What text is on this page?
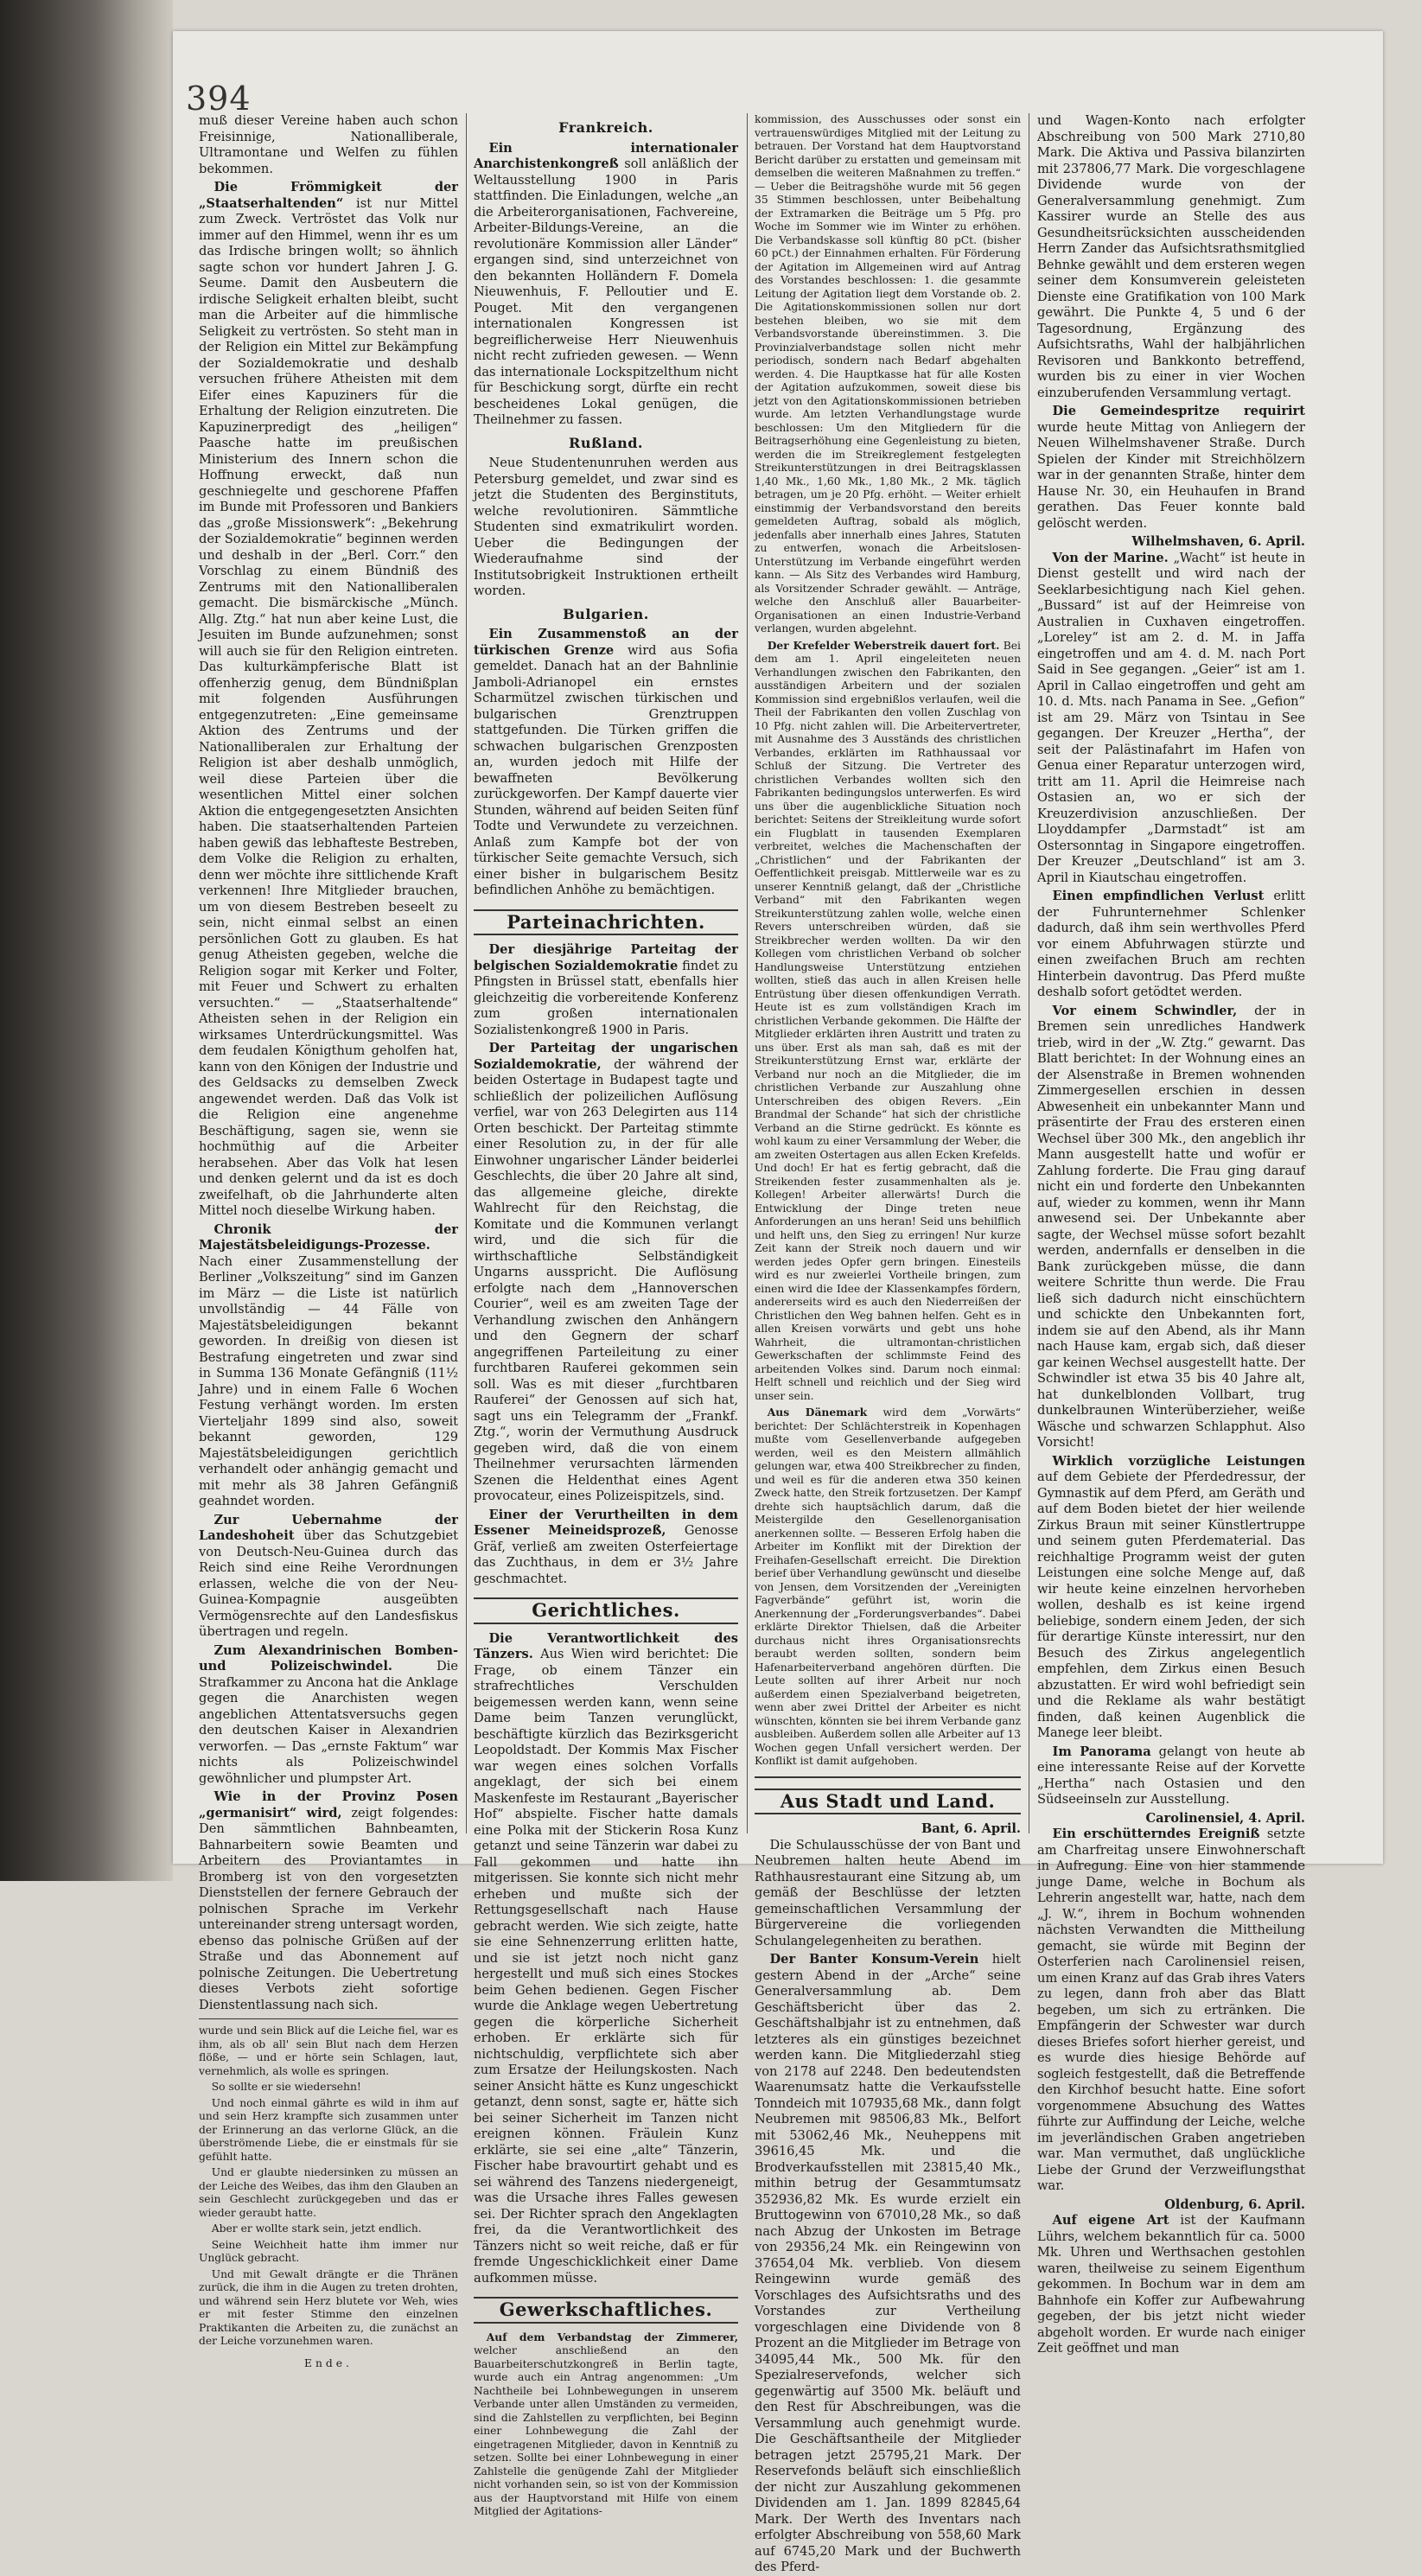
394

muß dieser Vereine haben auch schon Freisinnige, Nationalliberale, Ultramontane und Welfen zu fühlen bekommen.

Die Frömmigkeit der „Staatserhaltenden“ ist nur Mittel zum Zweck. Vertröstet das Volk nur immer auf den Himmel, wenn ihr es um das Irdische bringen wollt; so ähnlich sagte schon vor hundert Jahren J. G. Seume. Damit den Ausbeutern die irdische Seligkeit erhalten bleibt, sucht man die Arbeiter auf die himmlische Seligkeit zu vertrösten. So steht man in der Religion ein Mittel zur Bekämpfung der Sozialdemokratie und deshalb versuchen frühere Atheisten mit dem Eifer eines Kapuziners für die Erhaltung der Religion einzutreten. Die Kapuzinerpredigt des „heiligen“ Paasche hatte im preußischen Ministerium des Innern schon die Hoffnung erweckt, daß nun geschniegelte und geschorene Pfaffen im Bunde mit Professoren und Bankiers das „große Missionswerk“: „Bekehrung der Sozialdemokratie“ beginnen werden und deshalb in der „Berl. Corr.“ den Vorschlag zu einem Bündniß des Zentrums mit den Nationalliberalen gemacht. Die bismärckische „Münch. Allg. Ztg.“ hat nun aber keine Lust, die Jesuiten im Bunde aufzunehmen; sonst will auch sie für den Religion eintreten. Das kulturkämpferische Blatt ist offenherzig genug, dem Bündnißplan mit folgenden Ausführungen entgegenzutreten: „Eine gemeinsame Aktion des Zentrums und der Nationalliberalen zur Erhaltung der Religion ist aber deshalb unmöglich, weil diese Parteien über die wesentlichen Mittel einer solchen Aktion die entgegengesetzten Ansichten haben. Die staatserhaltenden Parteien haben gewiß das lebhafteste Bestreben, dem Volke die Religion zu erhalten, denn wer möchte ihre sittlichende Kraft verkennen! Ihre Mitglieder brauchen, um von diesem Bestreben beseelt zu sein, nicht einmal selbst an einen persönlichen Gott zu glauben. Es hat genug Atheisten gegeben, welche die Religion sogar mit Kerker und Folter, mit Feuer und Schwert zu erhalten versuchten.“ — „Staatserhaltende“ Atheisten sehen in der Religion ein wirksames Unterdrückungsmittel. Was dem feudalen Königthum geholfen hat, kann von den Königen der Industrie und des Geldsacks zu demselben Zweck angewendet werden. Daß das Volk ist die Religion eine angenehme Beschäftigung, sagen sie, wenn sie hochmüthig auf die Arbeiter herabsehen. Aber das Volk hat lesen und denken gelernt und da ist es doch zweifelhaft, ob die Jahrhunderte alten Mittel noch dieselbe Wirkung haben.

Chronik der Majestätsbeleidigungs-Prozesse. Nach einer Zusammenstellung der Berliner „Volkszeitung“ sind im Ganzen im März — die Liste ist natürlich unvollständig — 44 Fälle von Majestätsbeleidigungen bekannt geworden. In dreißig von diesen ist Bestrafung eingetreten und zwar sind in Summa 136 Monate Gefängniß (11½ Jahre) und in einem Falle 6 Wochen Festung verhängt worden. Im ersten Vierteljahr 1899 sind also, soweit bekannt geworden, 129 Majestätsbeleidigungen gerichtlich verhandelt oder anhängig gemacht und mit mehr als 38 Jahren Gefängniß geahndet worden.

Zur Uebernahme der Landeshoheit über das Schutzgebiet von Deutsch-Neu-Guinea durch das Reich sind eine Reihe Verordnungen erlassen, welche die von der Neu-Guinea-Kompagnie ausgeübten Vermögensrechte auf den Landesfiskus übertragen und regeln.

Zum Alexandrinischen Bomben- und Polizeischwindel.	Die Strafkammer zu Ancona hat die Anklage gegen die Anarchisten wegen angeblichen Attentatsversuchs gegen den deutschen Kaiser in Alexandrien verworfen. — Das „ernste Faktum“ war nichts als Polizeischwindel gewöhnlicher und plumpster Art.

Wie in der Provinz Posen „germanisirt“ wird, zeigt folgendes: Den sämmtlichen Bahnbeamten, Bahnarbeitern sowie Beamten und Arbeitern des Proviantamtes in Bromberg ist von den vorgesetzten Dienststellen der fernere Gebrauch der polnischen Sprache im Verkehr untereinander streng untersagt worden, ebenso das polnische Grüßen auf der Straße und das Abonnement auf polnische Zeitungen. Die Uebertretung dieses Verbots zieht sofortige Dienstentlassung nach sich.

wurde und sein Blick auf die Leiche fiel, war es ihm, als ob all' sein Blut nach dem Herzen flöße, — und er hörte sein Schlagen, laut, vernehmlich, als wolle es springen.

So sollte er sie wiedersehn!

Und noch einmal gährte es wild in ihm auf und sein Herz krampfte sich zusammen unter der Erinnerung an das verlorne Glück, an die überströmende Liebe, die er einstmals für sie gefühlt hatte.

Und er glaubte niedersinken zu müssen an der Leiche des Weibes, das ihm den Glauben an sein Geschlecht zurückgegeben und das er wieder geraubt hatte.

Aber er wollte stark sein, jetzt endlich.

Seine Weichheit hatte ihm immer nur Unglück gebracht.

Und mit Gewalt drängte er die Thränen zurück, die ihm in die Augen zu treten drohten, und während sein Herz blutete vor Weh, wies er mit fester Stimme den einzelnen Praktikanten die Arbeiten zu, die zunächst an der Leiche vorzunehmen waren.

Ende.
Frankreich.

Ein internationaler Anarchistenkongreß soll anläßlich der Weltausstellung 1900 in Paris stattfinden. Die Einladungen, welche „an die Arbeiterorganisationen, Fachvereine, Arbeiter-Bildungs-Vereine, an die revolutionäre Kommission aller Länder“ ergangen sind, sind unterzeichnet von den bekannten Holländern F. Domela Nieuwenhuis, F. Pelloutier und E. Pouget. Mit den vergangenen internationalen Kongressen ist begreiflicherweise Herr Nieuwenhuis nicht recht zufrieden gewesen. — Wenn das internationale Lockspitzelthum nicht für Beschickung sorgt, dürfte ein recht bescheidenes Lokal genügen, die Theilnehmer zu fassen.

Rußland.

Neue Studentenunruhen werden aus Petersburg gemeldet, und zwar sind es jetzt die Studenten des Berginstituts, welche revolutioniren. Sämmtliche Studenten sind exmatrikulirt worden. Ueber die Bedingungen der Wiederaufnahme sind der Institutsobrigkeit Instruktionen ertheilt worden.

Bulgarien.

Ein Zusammenstoß an der türkischen Grenze wird aus Sofia gemeldet. Danach hat an der Bahnlinie Jamboli-Adrianopel ein ernstes Scharmützel zwischen türkischen und bulgarischen Grenztruppen stattgefunden. Die Türken griffen die schwachen bulgarischen Grenzposten an, wurden jedoch mit Hilfe der bewaffneten Bevölkerung zurückgeworfen. Der Kampf dauerte vier Stunden, während auf beiden Seiten fünf Todte und Verwundete zu verzeichnen. Anlaß zum Kampfe bot der von türkischer Seite gemachte Versuch, sich einer bisher in bulgarischem Besitz befindlichen Anhöhe zu bemächtigen.

Parteinachrichten.

Der diesjährige Parteitag der belgischen Sozialdemokratie findet zu Pfingsten in Brüssel statt, ebenfalls hier gleichzeitig die vorbereitende Konferenz zum großen internationalen Sozialistenkongreß 1900 in Paris.

Der Parteitag der ungarischen Sozialdemokratie, der während der beiden Ostertage in Budapest tagte und schließlich der polizeilichen Auflösung verfiel, war von 263 Delegirten aus 114 Orten beschickt. Der Parteitag stimmte einer Resolution zu, in der für alle Einwohner ungarischer Länder beiderlei Geschlechts, die über 20 Jahre alt sind, das allgemeine gleiche, direkte Wahlrecht für den Reichstag, die Komitate und die Kommunen verlangt wird, und die sich für die wirthschaftliche Selbständigkeit Ungarns ausspricht. Die Auflösung erfolgte nach dem „Hannoverschen Courier“, weil es am zweiten Tage der Verhandlung zwischen den Anhängern und den Gegnern der scharf angegriffenen Parteileitung zu einer furchtbaren Rauferei gekommen sein soll. Was es mit dieser „furchtbaren Rauferei“ der Genossen auf sich hat, sagt uns ein Telegramm der „Frankf. Ztg.“, worin der Vermuthung Ausdruck gegeben wird, daß die von einem Theilnehmer verursachten lärmenden Szenen die Heldenthat eines Agent provocateur, eines Polizeispitzels, sind.

Einer der Verurtheilten in dem Essener Meineidsprozeß, Genosse Gräf, verließ am zweiten Osterfeiertage das Zuchthaus, in dem er 3½ Jahre geschmachtet.

Gerichtliches.

Die Verantwortlichkeit des Tänzers. Aus Wien wird berichtet: Die Frage, ob einem Tänzer ein strafrechtliches Verschulden beigemessen werden kann, wenn seine Dame beim Tanzen verunglückt, beschäftigte kürzlich das Bezirksgericht Leopoldstadt. Der Kommis Max Fischer war wegen eines solchen Vorfalls angeklagt, der sich bei einem Maskenfeste im Restaurant „Bayerischer Hof“ abspielte. Fischer hatte damals eine Polka mit der Stickerin Rosa Kunz getanzt und seine Tänzerin war dabei zu Fall gekommen und hatte ihn mitgerissen. Sie konnte sich nicht mehr erheben und mußte sich der Rettungsgesellschaft nach Hause gebracht werden. Wie sich zeigte, hatte sie eine Sehnenzerrung erlitten hatte, und sie ist jetzt noch nicht ganz hergestellt und muß sich eines Stockes beim Gehen bedienen. Gegen Fischer wurde die Anklage wegen Uebertretung gegen die körperliche Sicherheit erhoben. Er erklärte sich für nichtschuldig, verpflichtete sich aber zum Ersatze der Heilungskosten. Nach seiner Ansicht hätte es Kunz ungeschickt getanzt, denn sonst, sagte er, hätte sich bei seiner Sicherheit im Tanzen nicht ereignen können. Fräulein Kunz erklärte, sie sei eine „alte“ Tänzerin, Fischer habe bravourtirt gehabt und es sei während des Tanzens niedergeneigt, was die Ursache ihres Falles gewesen sei. Der Richter sprach den Angeklagten frei, da die Verantwortlichkeit des Tänzers nicht so weit reiche, daß er für fremde Ungeschicklichkeit einer Dame aufkommen müsse.

Gewerkschaftliches.

Auf dem Verbandstag der Zimmerer, welcher anschließend an den Bauarbeiterschutzkongreß in Berlin tagte, wurde auch ein Antrag angenommen: „Um Nachtheile bei Lohnbewegungen in unserem Verbande unter allen Umständen zu vermeiden, sind die Zahlstellen zu verpflichten, bei Beginn einer Lohnbewegung die Zahl der eingetragenen Mitglieder, davon in Kenntniß zu setzen. Sollte bei einer Lohnbewegung in einer Zahlstelle die genügende Zahl der Mitglieder nicht vorhanden sein, so ist von der Kommission aus der Hauptvorstand mit Hilfe von einem Mitglied der Agitations-

kommission, des Ausschusses oder sonst ein vertrauenswürdiges Mitglied mit der Leitung zu betrauen. Der Vorstand hat dem Hauptvorstand Bericht darüber zu erstatten und gemeinsam mit demselben die weiteren Maßnahmen zu treffen.“ — Ueber die Beitragshöhe wurde mit 56 gegen 35 Stimmen beschlossen, unter Beibehaltung der Extramarken die Beiträge um 5 Pfg. pro Woche im Sommer wie im Winter zu erhöhen. Die Verbandskasse soll künftig 80 pCt. (bisher 60 pCt.) der Einnahmen erhalten. Für Förderung der Agitation im Allgemeinen wird auf Antrag des Vorstandes beschlossen: 1. die gesammte Leitung der Agitation liegt dem Vorstande ob. 2. Die Agitationskommissionen sollen nur dort bestehen bleiben, wo sie mit dem Verbandsvorstande übereinstimmen. 3. Die Provinzialverbandstage sollen nicht mehr periodisch, sondern nach Bedarf abgehalten werden. 4. Die Hauptkasse hat für alle Kosten der Agitation aufzukommen, soweit diese bis jetzt von den Agitationskommissionen betrieben wurde. Am letzten Verhandlungstage wurde beschlossen: Um den Mitgliedern für die Beitragserhöhung eine Gegenleistung zu bieten, werden die im Streikreglement festgelegten Streikunterstützungen in drei Beitragsklassen 1,40 Mk., 1,60 Mk., 1,80 Mk., 2 Mk. täglich betragen, um je 20 Pfg. erhöht. — Weiter erhielt einstimmig der Verbandsvorstand den bereits gemeldeten Auftrag, sobald als möglich, jedenfalls aber innerhalb eines Jahres, Statuten zu entwerfen, wonach die Arbeitslosen-Unterstützung im Verbande eingeführt werden kann. — Als Sitz des Verbandes wird Hamburg, als Vorsitzender Schrader gewählt. — Anträge, welche den Anschluß aller Bauarbeiter-Organisationen an einen Industrie-Verband verlangen, wurden abgelehnt.

Der Krefelder Weberstreik dauert fort. Bei dem am 1. April eingeleiteten neuen Verhandlungen zwischen den Fabrikanten, den ausständigen Arbeitern und der sozialen Kommission sind ergebnißlos verlaufen, weil die Theil der Fabrikanten den vollen Zuschlag von 10 Pfg. nicht zahlen will. Die Arbeitervertreter, mit Ausnahme des 3 Ausständs des christlichen Verbandes, erklärten im Rathhaussaal vor Schluß der Sitzung. Die Vertreter des christlichen Verbandes wollten sich den Fabrikanten bedingungslos unterwerfen. Es wird uns über die augenblickliche Situation noch berichtet: Seitens der Streikleitung wurde sofort ein Flugblatt in tausenden Exemplaren verbreitet, welches die Machenschaften der „Christlichen“ und der Fabrikanten der Oeffentlichkeit preisgab. Mittlerweile war es zu unserer Kenntniß gelangt, daß der „Christliche Verband“ mit den Fabrikanten wegen Streikunterstützung zahlen wolle, welche einen Revers unterschreiben würden, daß sie Streikbrecher werden wollten. Da wir den Kollegen vom christlichen Verband ob solcher Handlungsweise Unterstützung entziehen wollten, stieß das auch in allen Kreisen helle Entrüstung über diesen offenkundigen Verrath. Heute ist es zum vollständigen Krach im christlichen Verbande gekommen. Die Hälfte der Mitglieder erklärten ihren Austritt und traten zu uns über. Erst als man sah, daß es mit der Streikunterstützung Ernst war, erklärte der Verband nur noch an die Mitglieder, die im christlichen Verbande zur Auszahlung ohne Unterschreiben des obigen Revers. „Ein Brandmal der Schande“ hat sich der christliche Verband an die Stirne gedrückt. Es könnte es wohl kaum zu einer Versammlung der Weber, die am zweiten Ostertagen aus allen Ecken Krefelds. Und doch! Er hat es fertig gebracht, daß die Streikenden fester zusammenhalten als je. Kollegen! Arbeiter allerwärts! Durch die Entwicklung der Dinge treten neue Anforderungen an uns heran! Seid uns behilflich und helft uns, den Sieg zu erringen! Nur kurze Zeit kann der Streik noch dauern und wir werden jedes Opfer gern bringen. Einesteils wird es nur zweierlei Vortheile bringen, zum einen wird die Idee der Klassenkampfes fördern, andererseits wird es auch den Niederreißen der Christlichen den Weg bahnen helfen. Geht es in allen Kreisen vorwärts und gebt uns hohe Wahrheit, die ultramontan-christlichen Gewerkschaften der schlimmste Feind des arbeitenden Volkes sind. Darum noch einmal: Helft schnell und reichlich und der Sieg wird unser sein.

Aus Dänemark wird dem „Vorwärts“ berichtet: Der Schlächterstreik in Kopenhagen mußte vom Gesellenverbande aufgegeben werden, weil es den Meistern allmählich gelungen war, etwa 400 Streikbrecher zu finden, und weil es für die anderen etwa 350 keinen Zweck hatte, den Streik fortzusetzen. Der Kampf drehte sich hauptsächlich darum, daß die Meistergilde den Gesellenorganisation anerkennen sollte. — Besseren Erfolg haben die Arbeiter im Konflikt mit der Direktion der Freihafen-Gesellschaft erreicht. Die Direktion berief über Verhandlung gewünscht und dieselbe von Jensen, dem Vorsitzenden der „Vereinigten Fagverbände“ geführt ist, worin die Anerkennung der „Forderungsverbandes“. Dabei erklärte Direktor Thielsen, daß die Arbeiter durchaus nicht ihres Organisationsrechts beraubt werden sollten, sondern beim Hafenarbeiterverband angehören dürften. Die Leute sollten auf ihrer Arbeit nur noch außerdem einen Spezialverband beigetreten, wenn aber zwei Drittel der Arbeiter es nicht wünschten, könnten sie bei ihrem Verbande ganz ausbleiben. Außerdem sollen alle Arbeiter auf 13 Wochen gegen Unfall versichert werden. Der Konflikt ist damit aufgehoben.

Aus Stadt und Land.
Bant, 6. April.

Die Schulausschüsse der von Bant und Neubremen halten heute Abend im Rathhausrestaurant eine Sitzung ab, um gemäß der Beschlüsse der letzten gemeinschaftlichen Versammlung der Bürgervereine die vorliegenden Schulangelegenheiten zu berathen.

Der Banter Konsum-Verein hielt gestern Abend in der „Arche“ seine Generalversammlung ab. Dem Geschäftsbericht über das 2. Geschäftshalbjahr ist zu entnehmen, daß letzteres als ein günstiges bezeichnet werden kann. Die Mitgliederzahl stieg von 2178 auf 2248. Den bedeutendsten Waarenumsatz hatte die Verkaufsstelle Tonndeich mit 107935,68 Mk., dann folgt Neubremen mit 98506,83 Mk., Belfort mit 53062,46 Mk., Neuheppens mit 39616,45 Mk. und die Brodverkaufsstellen mit 23815,40 Mk., mithin betrug der Gesammtumsatz 352936,82 Mk. Es wurde erzielt ein Bruttogewinn von 67010,28 Mk., so daß nach Abzug der Unkosten im Betrage von 29356,24 Mk. ein Reingewinn von 37654,04 Mk. verblieb. Von diesem Reingewinn wurde gemäß des Vorschlages des Aufsichtsraths und des Vorstandes zur Vertheilung vorgeschlagen eine Dividende von 8 Prozent an die Mitglieder im Betrage von 34095,44 Mk., 500 Mk. für den Spezialreservefonds, welcher sich gegenwärtig auf 3500 Mk. beläuft und den Rest für Abschreibungen, was die Versammlung auch genehmigt wurde. Die Geschäftsantheile der Mitglieder betragen jetzt 25795,21 Mark. Der Reservefonds beläuft sich einschließlich der nicht zur Auszahlung gekommenen Dividenden am 1. Jan. 1899 82845,64 Mark. Der Werth des Inventars nach erfolgter Abschreibung von 558,60 Mark auf 6745,20 Mark und der Buchwerth des Pferd-

und Wagen-Konto nach erfolgter Abschreibung von 500 Mark 2710,80 Mark. Die Aktiva und Passiva bilanzirten mit 237806,77 Mark. Die vorgeschlagene Dividende wurde von der Generalversammlung genehmigt. Zum Kassirer wurde an Stelle des aus Gesundheitsrücksichten ausscheidenden Herrn Zander das Aufsichtsrathsmitglied Behnke gewählt und dem ersteren wegen seiner dem Konsumverein geleisteten Dienste eine Gratifikation von 100 Mark gewährt. Die Punkte 4, 5 und 6 der Tagesordnung, Ergänzung des Aufsichtsraths, Wahl der halbjährlichen Revisoren und Bankkonto betreffend, wurden bis zu einer in vier Wochen einzuberufenden Versammlung vertagt.

Die Gemeindespritze requirirt wurde heute Mittag von Anliegern der Neuen Wilhelmshavener Straße. Durch Spielen der Kinder mit Streichhölzern war in der genannten Straße, hinter dem Hause Nr. 30, ein Heuhaufen in Brand gerathen. Das Feuer konnte bald gelöscht werden.

Wilhelmshaven, 6. April.

Von der Marine. „Wacht“ ist heute in Dienst gestellt und wird nach der Seeklarbesichtigung nach Kiel gehen. „Bussard“ ist auf der Heimreise von Australien in Cuxhaven eingetroffen. „Loreley“ ist am 2. d. M. in Jaffa eingetroffen und am 4. d. M. nach Port Said in See gegangen. „Geier“ ist am 1. April in Callao eingetroffen und geht am 10. d. Mts. nach Panama in See. „Gefion“ ist am 29. März von Tsintau in See gegangen. Der Kreuzer „Hertha“, der seit der Palästinafahrt im Hafen von Genua einer Reparatur unterzogen wird, tritt am 11. April die Heimreise nach Ostasien an, wo er sich der Kreuzerdivision anzuschließen. Der Lloyddampfer „Darmstadt“ ist am Ostersonntag in Singapore eingetroffen. Der Kreuzer „Deutschland“ ist am 3. April in Kiautschau eingetroffen.

Einen empfindlichen Verlust erlitt der Fuhrunternehmer Schlenker dadurch, daß ihm sein werthvolles Pferd vor einem Abfuhrwagen stürzte und einen zweifachen Bruch am rechten Hinterbein davontrug. Das Pferd mußte deshalb sofort getödtet werden.

Vor einem Schwindler, der in Bremen sein unredliches Handwerk trieb, wird in der „W. Ztg.“ gewarnt. Das Blatt berichtet: In der Wohnung eines an der Alsenstraße in Bremen wohnenden Zimmergesellen erschien in dessen Abwesenheit ein unbekannter Mann und präsentirte der Frau des ersteren einen Wechsel über 300 Mk., den angeblich ihr Mann ausgestellt hatte und wofür er Zahlung forderte. Die Frau ging darauf nicht ein und forderte den Unbekannten auf, wieder zu kommen, wenn ihr Mann anwesend sei. Der Unbekannte aber sagte, der Wechsel müsse sofort bezahlt werden, andernfalls er denselben in die Bank zurückgeben müsse, die dann weitere Schritte thun werde. Die Frau ließ sich dadurch nicht einschüchtern und schickte den Unbekannten fort, indem sie auf den Abend, als ihr Mann nach Hause kam, ergab sich, daß dieser gar keinen Wechsel ausgestellt hatte. Der Schwindler ist etwa 35 bis 40 Jahre alt, hat dunkelblonden Vollbart, trug dunkelbraunen Winterüberzieher, weiße Wäsche und schwarzen Schlapphut. Also Vorsicht!

Wirklich vorzügliche Leistungen auf dem Gebiete der Pferdedressur, der Gymnastik auf dem Pferd, am Geräth und auf dem Boden bietet der hier weilende Zirkus Braun mit seiner Künstlertruppe und seinem guten Pferdematerial. Das reichhaltige Programm weist der guten Leistungen eine solche Menge auf, daß wir heute keine einzelnen hervorheben wollen, deshalb es ist keine irgend beliebige, sondern einem Jeden, der sich für derartige Künste interessirt, nur den Besuch des Zirkus angelegentlich empfehlen, dem Zirkus einen Besuch abzustatten. Er wird wohl befriedigt sein und die Reklame als wahr bestätigt finden, daß keinen Augenblick die Manege leer bleibt.

Im Panorama gelangt von heute ab eine interessante Reise auf der Korvette „Hertha“ nach Ostasien und den Südseeinseln zur Ausstellung.

Carolinensiel, 4. April.

Ein erschütterndes Ereigniß setzte am Charfreitag unsere Einwohnerschaft in Aufregung. Eine von hier stammende junge Dame, welche in Bochum als Lehrerin angestellt war, hatte, nach dem „J. W.“, ihrem in Bochum wohnenden nächsten Verwandten die Mittheilung gemacht, sie würde mit Beginn der Osterferien nach Carolinensiel reisen, um einen Kranz auf das Grab ihres Vaters zu legen, dann froh aber das Blatt begeben, um sich zu ertränken. Die Empfängerin der Schwester war durch dieses Briefes sofort hierher gereist, und es wurde dies hiesige Behörde auf sogleich festgestellt, daß die Betreffende den Kirchhof besucht hatte. Eine sofort vorgenommene Absuchung des Wattes führte zur Auffindung der Leiche, welche im jeverländischen Graben angetrieben war. Man vermuthet, daß unglückliche Liebe der Grund der Verzweiflungsthat war.

Oldenburg, 6. April.

Auf eigene Art ist der Kaufmann Lührs, welchem bekanntlich für ca. 5000 Mk. Uhren und Werthsachen gestohlen waren, theilweise zu seinem Eigenthum gekommen. In Bochum war in dem am Bahnhofe ein Koffer zur Aufbewahrung gegeben, der bis jetzt nicht wieder abgeholt worden. Er wurde nach einiger Zeit geöffnet und man
